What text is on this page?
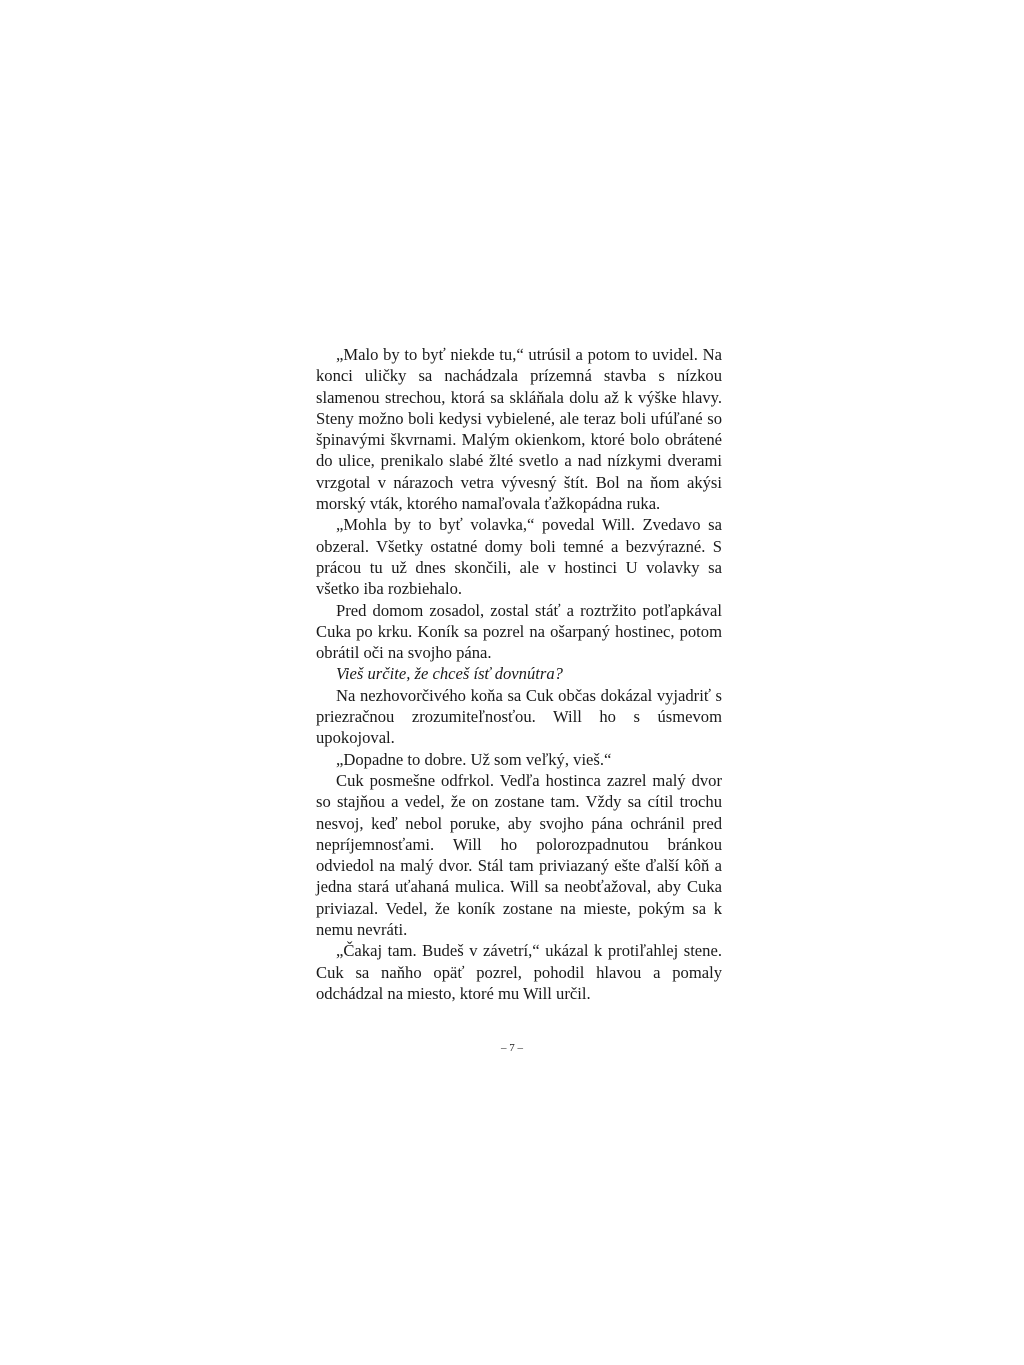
„Malo by to byť niekde tu,“ utrúsil a potom to uvidel. Na konci uličky sa nachádzala prízemná stavba s nízkou slamenou strechou, ktorá sa skláňala dolu až k výške hlavy. Steny možno boli kedysi vybielené, ale teraz boli ufúľané so špinavými škvrnami. Malým okienkom, ktoré bolo obrátené do ulice, prenikalo slabé žlté svetlo a nad nízkymi dverami vrzgotal v nárazoch vetra vývesný štít. Bol na ňom akýsi morský vták, ktorého namaľovala ťažkopádna ruka.

„Mohla by to byť volavka,“ povedal Will. Zvedavo sa obzeral. Všetky ostatné domy boli temné a bezvýrazné. S prácou tu už dnes skončili, ale v hostinci U volavky sa všetko iba rozbiehalo.

Pred domom zosadol, zostal stáť a roztržito potľapkával Cuka po krku. Koník sa pozrel na ošarpaný hostinec, potom obrátil oči na svojho pána.

Vieš určite, že chceš ísť dovnútra?

Na nezhovorčivého koňa sa Cuk občas dokázal vyjadriť s priezračnou zrozumiteľnosťou. Will ho s úsmevom upokojoval.

„Dopadne to dobre. Už som veľký, vieš.“

Cuk posmešne odfrkol. Vedľa hostinca zazrel malý dvor so stajňou a vedel, že on zostane tam. Vždy sa cítil trochu nesvoj, keď nebol poruke, aby svojho pána ochránil pred nepríjemnosťami. Will ho polorozpadnutou bránkou odviedol na malý dvor. Stál tam priviazaný ešte ďalší kôň a jedna stará uťahaná mulica. Will sa neobťažoval, aby Cuka priviazal. Vedel, že koník zostane na mieste, pokým sa k nemu nevráti.

„Čakaj tam. Budeš v závetrí,“ ukázal k protiľahlej stene. Cuk sa naňho opäť pozrel, pohodil hlavou a pomaly odchádzal na miesto, ktoré mu Will určil.

– 7 –
